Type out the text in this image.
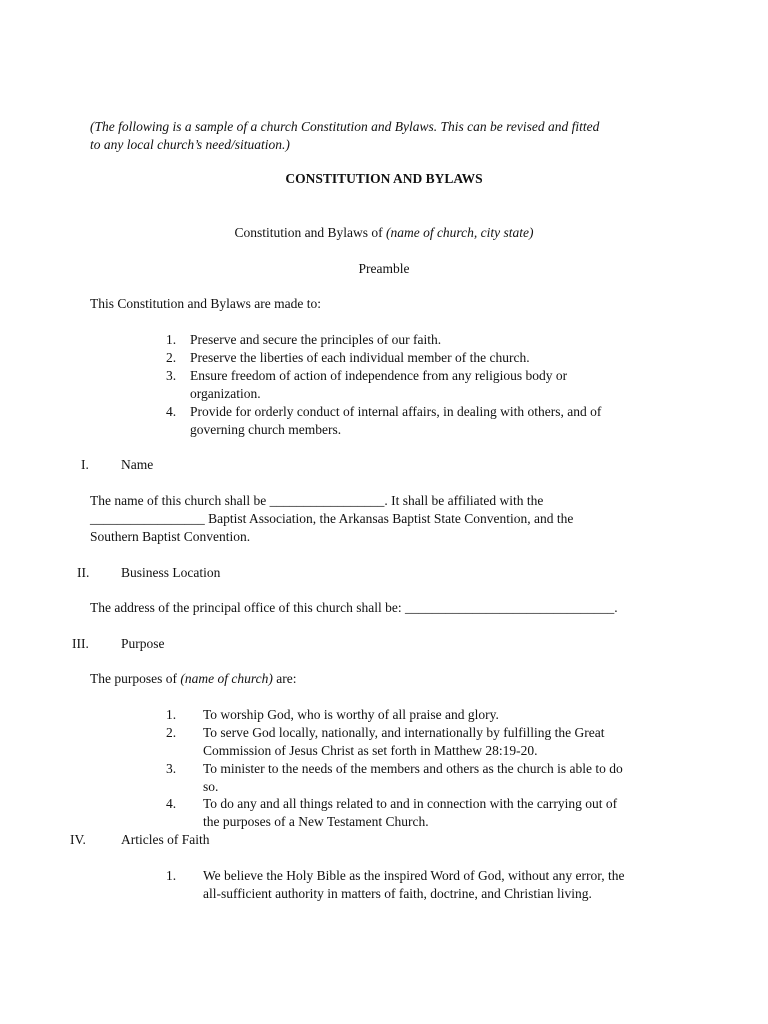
(The following is a sample of a church Constitution and Bylaws. This can be revised and fitted
to any local church’s need/situation.)
CONSTITUTION AND BYLAWS
Constitution and Bylaws of (name of church, city state)
Preamble
This Constitution and Bylaws are made to:
1. Preserve and secure the principles of our faith.
2. Preserve the liberties of each individual member of the church.
3. Ensure freedom of action of independence from any religious body or
organization.
4. Provide for orderly conduct of internal affairs, in dealing with others, and of
governing church members.
I. Name
The name of this church shall be _________________. It shall be affiliated with the
_________________ Baptist Association, the Arkansas Baptist State Convention, and the
Southern Baptist Convention.
II. Business Location
The address of the principal office of this church shall be: _______________________________.
III. Purpose
The purposes of (name of church) are:
1. To worship God, who is worthy of all praise and glory.
2. To serve God locally, nationally, and internationally by fulfilling the Great
Commission of Jesus Christ as set forth in Matthew 28:19-20.
3. To minister to the needs of the members and others as the church is able to do
so.
4. To do any and all things related to and in connection with the carrying out of
the purposes of a New Testament Church.
IV.	Articles of Faith
1. We believe the Holy Bible as the inspired Word of God, without any error, the
all-sufficient authority in matters of faith, doctrine, and Christian living.
